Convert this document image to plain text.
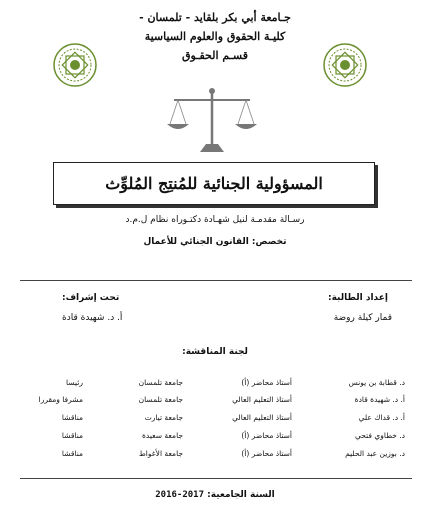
جـامعة أبي بكر بلقايد - تلمسان -
كليـة الحقوق والعلوم السياسية
قسـم الحقـوق
المسؤولية الجنائية للمُنتِج المُلوِّث
رسـالة مقدمـة لنيل شهـادة دكتـوراه نظام ل.م.د
تخصص: القانون الجنائي للأعمال
إعداد الطالبة:
قمار كيلة روضة
تحت إشراف:
أ. د. شهيدة قادة
لجنة المناقشة:
د. قطابة بن يونس
أستاذ محاضر (أ)
جامعة تلمسان
رئيسا
أ. د. شهيدة قادة
أستاذ التعليم العالي
جامعة تلمسان
مشرفا ومقررا
أ. د. قداك علي
أستاذ التعليم العالي
جامعة تيارت
مناقشا
د. خطاوي فتحي
أستاذ محاضر (أ)
جامعة سعيدة
مناقشا
د. بوزين عبد الحليم
أستاذ محاضر (أ)
جامعة الأغواط
مناقشا
السنة الجامعية: 2016-2017
